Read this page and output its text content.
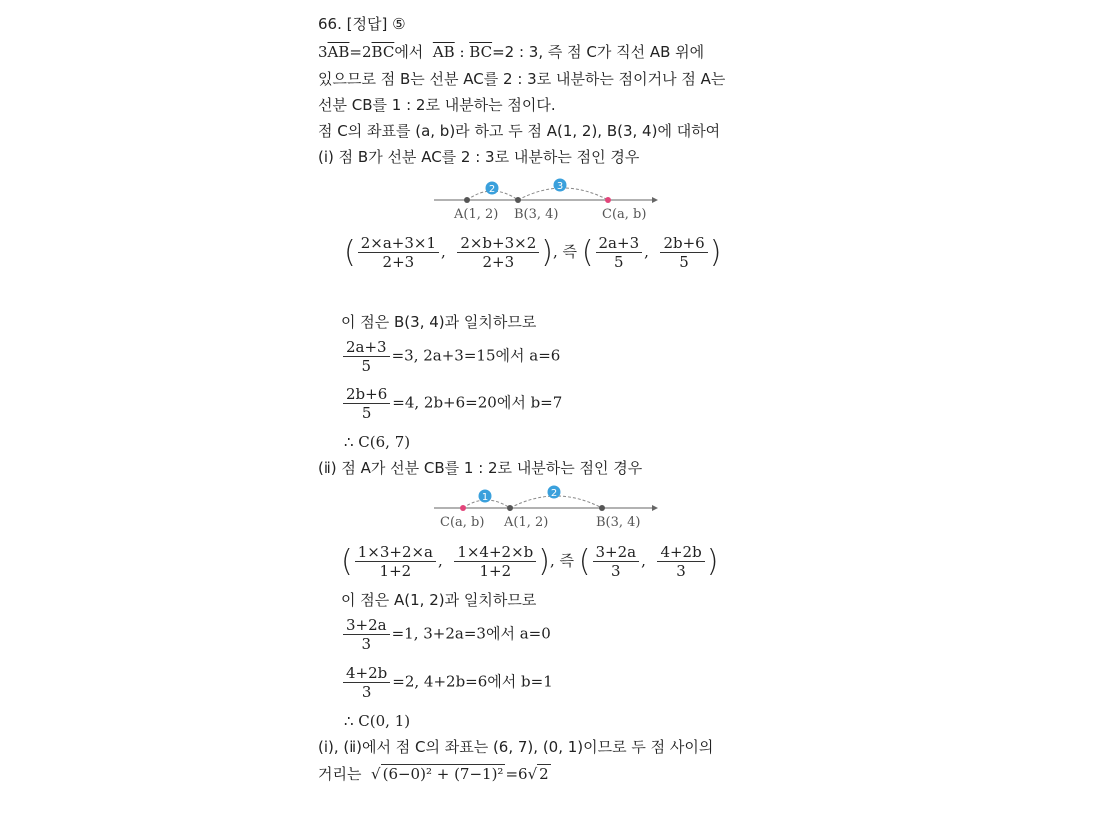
66. [정답] ⑤
$3\overline{AB}=2\overline{BC}$에서 $\overline{AB}$ : $\overline{BC}=2$ : 3, 즉 점 C가 직선 AB 위에
있으므로 점 B는 선분 AC를 2 : 3로 내분하는 점이거나 점 A는
선분 CB를 1 : 2로 내분하는 점이다.
점 C의 좌표를 (a, b)라 하고 두 점 A(1, 2), B(3, 4)에 대하여
(ⅰ) 점 B가 선분 AC를 2 : 3로 내분하는 점인 경우
2	3
A(1, 2) B(3, 4)	C(a, b)
( $\frac{2\times a+3\times 1}{2+3}$ , $\frac{2\times b+3\times 2}{2+3}$ ), 즉 ( $\frac{2a+3}{5}$ , $\frac{2b+6}{5}$ )
이 점은 B(3, 4)과 일치하므로
$\frac{2a+3}{5} =3$, 2a+3=15에서 a=6
$\frac{2b+6}{5} =4$, 2b+6=20에서 b=7
∴ C(6, 7)
(ⅱ) 점 A가 선분 CB를 1 : 2로 내분하는 점인 경우
1	2
C(a, b) A(1, 2)	B(3, 4)
( $\frac{1\times 3+2\times a}{1+2}$ , $\frac{1\times 4+2\times b}{1+2}$ ), 즉 ( $\frac{3+2a}{3}$ , $\frac{4+2b}{3}$ )
이 점은 A(1, 2)과 일치하므로
$\frac{3+2a}{3} =1$, 3+2a=3에서 a=0
$\frac{4+2b}{3} =2$, 4+2b=6에서 b=1
∴ C(0, 1)
(ⅰ), (ⅱ)에서 점 C의 좌표는 (6, 7), (0, 1)이므로 두 점 사이의
거리는 √ (6−0)² + (7−1)² =6√ 2
